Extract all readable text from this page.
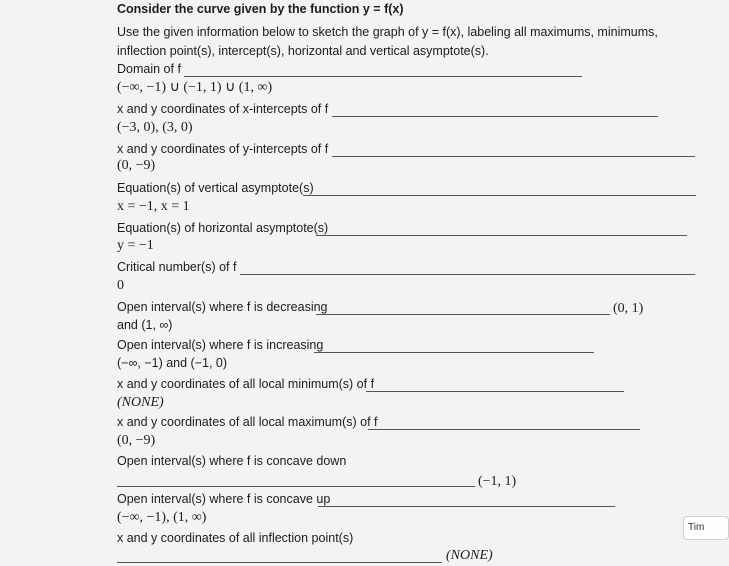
Consider the curve given by the function y = f(x)
Use the given information below to sketch the graph of y = f(x), labeling all maximums, minimums,
inflection point(s), intercept(s), horizontal and vertical asymptote(s).
Domain of f
(−∞, −1) ∪ (−1, 1) ∪ (1, ∞)
x and y coordinates of x-intercepts of f
(−3, 0), (3, 0)
x and y coordinates of y-intercepts of f
(0, −9)
Equation(s) of vertical asymptote(s)
x = −1, x = 1
Equation(s) of horizontal asymptote(s)
y = −1
Critical number(s) of f
0
Open interval(s) where f is decreasing	(0, 1)
and (1, ∞)
Open interval(s) where f is increasing
(−∞, −1) and (−1, 0)
x and y coordinates of all local minimum(s) of f
(NONE)
x and y coordinates of all local maximum(s) of f
(0, −9)
Open interval(s) where f is concave down
(−1, 1)
Open interval(s) where f is concave up
(−∞, −1), (1, ∞)
x and y coordinates of all inflection point(s)
(NONE)
Tim
